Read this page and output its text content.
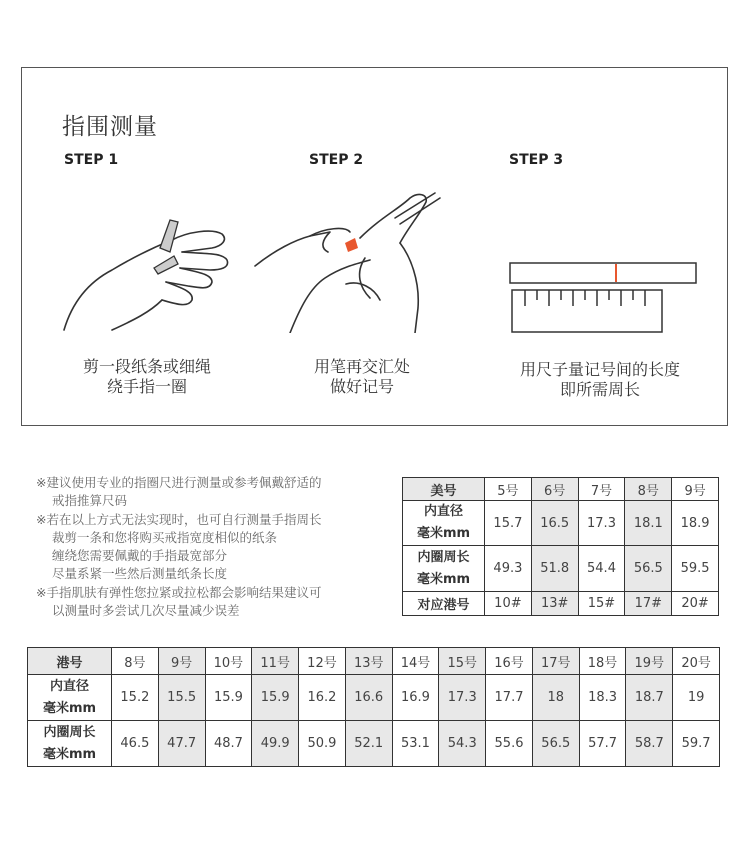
指围测量
STEP 1	STEP 2	STEP 3
剪一段纸条或细绳
绕手指一圈
用笔再交汇处
做好记号
用尺子量记号间的长度
即所需周长
※建议使用专业的指圈尺进行测量或参考佩戴舒适的
戒指推算尺码
※若在以上方式无法实现时，也可自行测量手指周长
裁剪一条和您将购买戒指宽度相似的纸条
缠绕您需要佩戴的手指最宽部分
尽量系紧一些然后测量纸条长度
※手指肌肤有弹性您拉紧或拉松都会影响结果建议可
以测量时多尝试几次尽量减少误差
美号	5号	6号	7号	8号	9号

内直径
毫米mm	15.7	16.5	17.3	18.1	18.9

内圈周长
毫米mm	49.3	51.8	54.4	56.5	59.5
对应港号	10#	13#	15#	17#	20#
港号	8号	9号	10号	11号	12号	13号	14号	15号	16号	17号	18号	19号	20号

内直径
毫米mm	15.2	15.5	15.9	15.9	16.2	16.6	16.9	17.3	17.7	18	18.3	18.7	19

内圈周长
毫米mm	46.5	47.7	48.7	49.9	50.9	52.1	53.1	54.3	55.6	56.5	57.7	58.7	59.7
